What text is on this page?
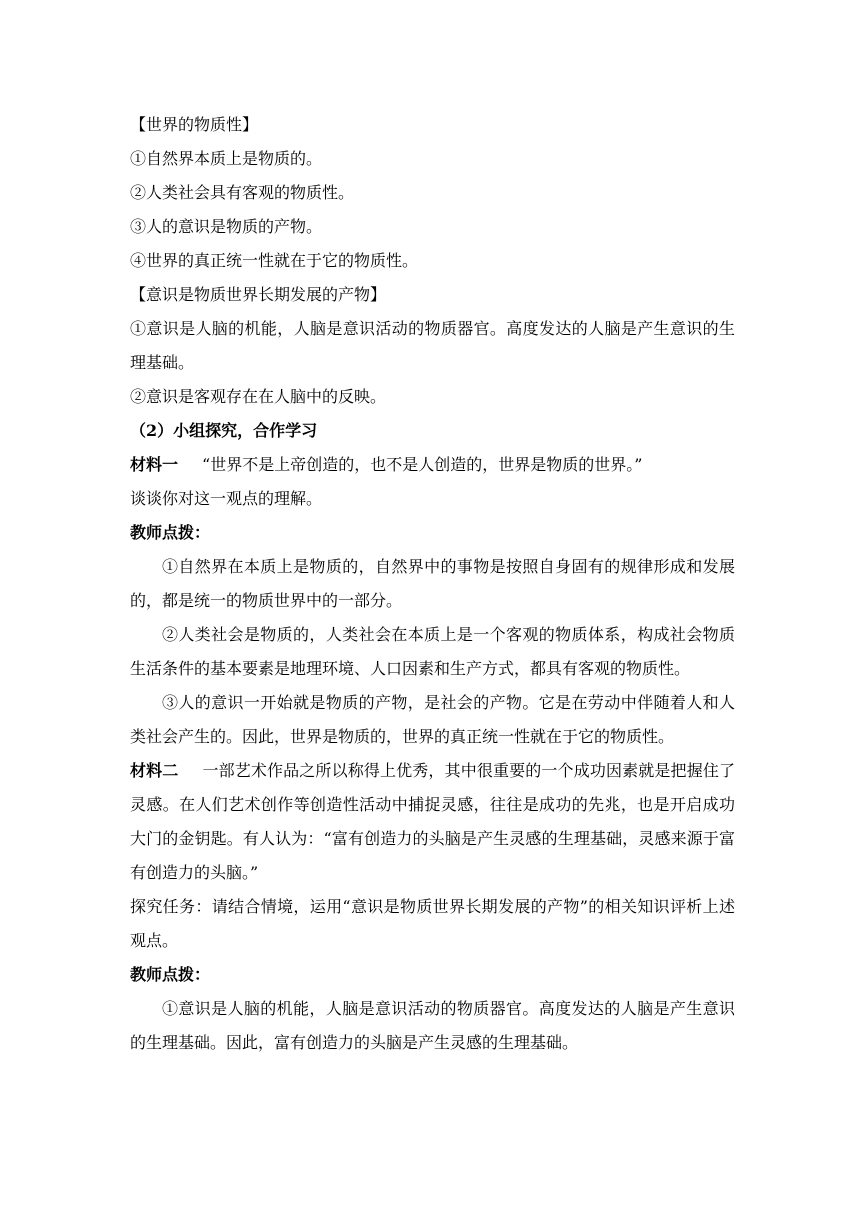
【世界的物质性】

①自然界本质上是物质的。

②人类社会具有客观的物质性。

③人的意识是物质的产物。

④世界的真正统一性就在于它的物质性。

【意识是物质世界长期发展的产物】

①意识是人脑的机能，人脑是意识活动的物质器官。高度发达的人脑是产生意识的生理基础。

②意识是客观存在在人脑中的反映。

（2）小组探究，合作学习

材料一 “世界不是上帝创造的，也不是人创造的，世界是物质的世界。”

谈谈你对这一观点的理解。

教师点拨：

①自然界在本质上是物质的，自然界中的事物是按照自身固有的规律形成和发展的，都是统一的物质世界中的一部分。

②人类社会是物质的，人类社会在本质上是一个客观的物质体系，构成社会物质生活条件的基本要素是地理环境、人口因素和生产方式，都具有客观的物质性。

③人的意识一开始就是物质的产物，是社会的产物。它是在劳动中伴随着人和人类社会产生的。因此，世界是物质的，世界的真正统一性就在于它的物质性。

材料二 一部艺术作品之所以称得上优秀，其中很重要的一个成功因素就是把握住了灵感。在人们艺术创作等创造性活动中捕捉灵感，往往是成功的先兆，也是开启成功大门的金钥匙。有人认为：“富有创造力的头脑是产生灵感的生理基础，灵感来源于富有创造力的头脑。”

探究任务：请结合情境，运用“意识是物质世界长期发展的产物”的相关知识评析上述观点。

教师点拨：

①意识是人脑的机能，人脑是意识活动的物质器官。高度发达的人脑是产生意识的生理基础。因此，富有创造力的头脑是产生灵感的生理基础。
